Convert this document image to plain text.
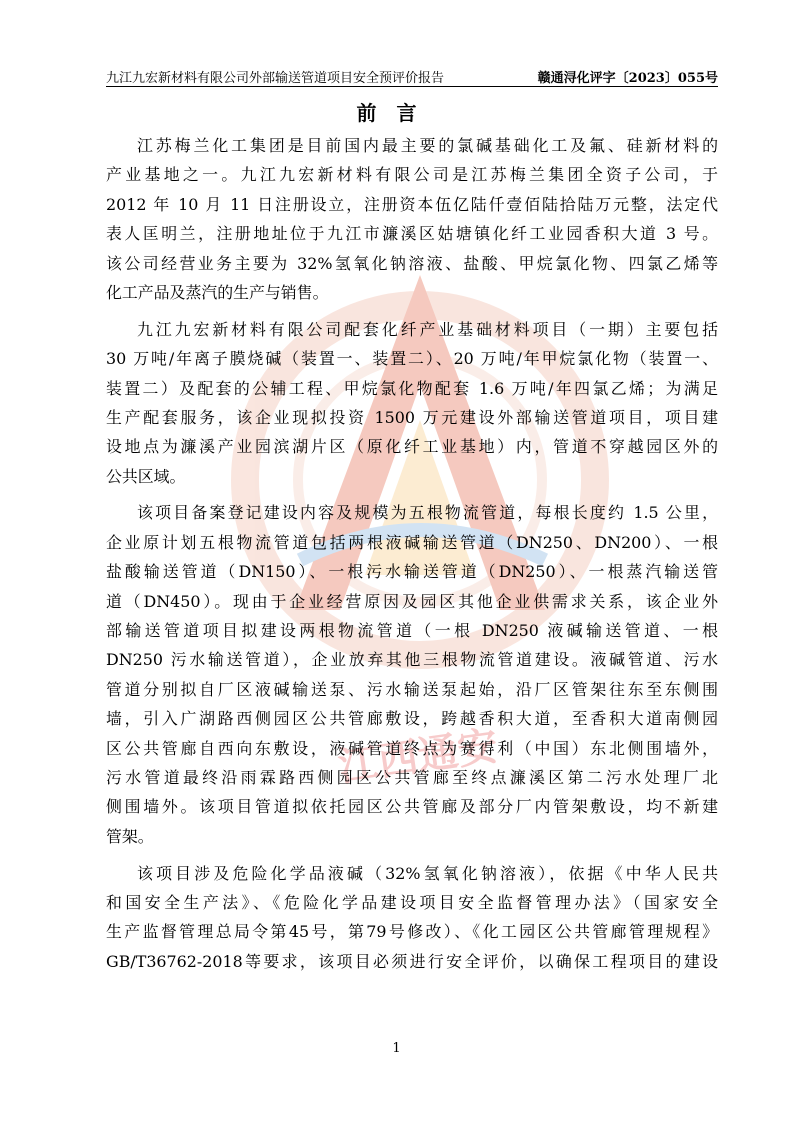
江西通安
九江九宏新材料有限公司外部输送管道项目安全预评价报告	赣通浔化评字〔2023〕055号
前言
江苏梅兰化工集团是目前国内最主要的氯碱基础化工及氟、硅新材料的
产业基地之一。九江九宏新材料有限公司是江苏梅兰集团全资子公司，于
2012 年 10 月 11 日注册设立，注册资本伍亿陆仟壹佰陆拾陆万元整，法定代
表人匡明兰，注册地址位于九江市濂溪区姑塘镇化纤工业园香积大道 3 号。
该公司经营业务主要为 32%氢氧化钠溶液、盐酸、甲烷氯化物、四氯乙烯等
化工产品及蒸汽的生产与销售。
九江九宏新材料有限公司配套化纤产业基础材料项目（一期）主要包括
30 万吨/年离子膜烧碱（装置一、装置二）、20 万吨/年甲烷氯化物（装置一、
装置二）及配套的公辅工程、甲烷氯化物配套 1.6 万吨/年四氯乙烯；为满足
生产配套服务，该企业现拟投资 1500 万元建设外部输送管道项目，项目建
设地点为濂溪产业园滨湖片区（原化纤工业基地）内，管道不穿越园区外的
公共区域。
该项目备案登记建设内容及规模为五根物流管道，每根长度约 1.5 公里，
企业原计划五根物流管道包括两根液碱输送管道（DN250、DN200）、一根
盐酸输送管道（DN150）、一根污水输送管道（DN250）、一根蒸汽输送管
道（DN450）。现由于企业经营原因及园区其他企业供需求关系，该企业外
部输送管道项目拟建设两根物流管道（一根 DN250 液碱输送管道、一根
DN250 污水输送管道），企业放弃其他三根物流管道建设。液碱管道、污水
管道分别拟自厂区液碱输送泵、污水输送泵起始，沿厂区管架往东至东侧围
墙，引入广湖路西侧园区公共管廊敷设，跨越香积大道，至香积大道南侧园
区公共管廊自西向东敷设，液碱管道终点为赛得利（中国）东北侧围墙外，
污水管道最终沿雨霖路西侧园区公共管廊至终点濂溪区第二污水处理厂北
侧围墙外。该项目管道拟依托园区公共管廊及部分厂内管架敷设，均不新建
管架。
该项目涉及危险化学品液碱（32%氢氧化钠溶液），依据《中华人民共
和国安全生产法》、《危险化学品建设项目安全监督管理办法》（国家安全
生产监督管理总局令第45号，第79号修改）、《化工园区公共管廊管理规程》
GB/T36762-2018等要求，该项目必须进行安全评价，以确保工程项目的建设
1
